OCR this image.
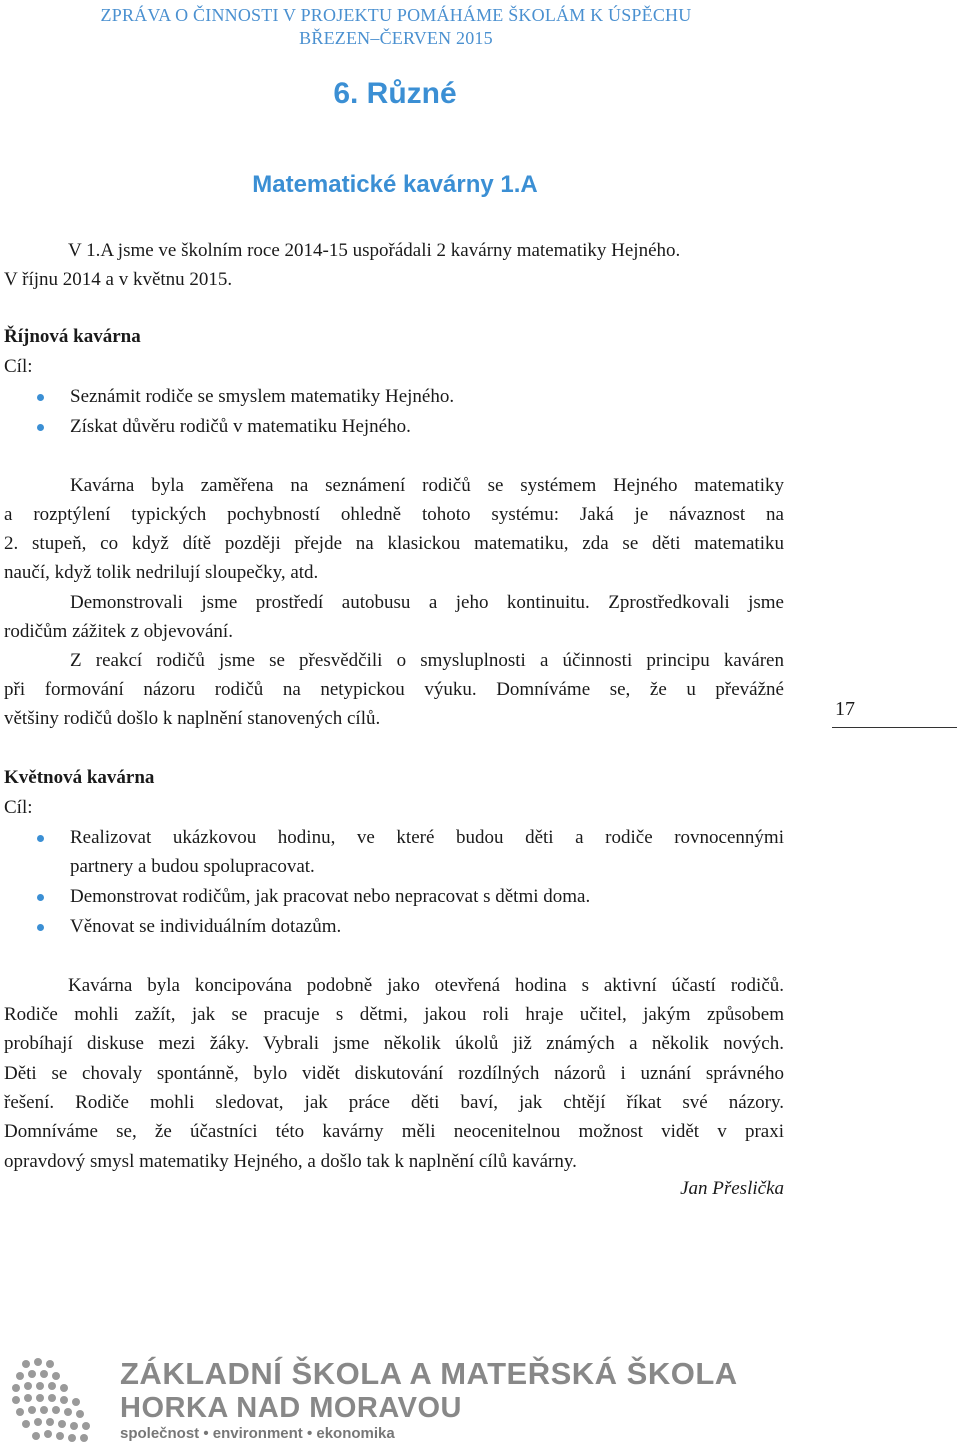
ZPRÁVA O ČINNOSTI V PROJEKTU POMÁHÁME ŠKOLÁM K ÚSPĚCHU
BŘEZEN–ČERVEN 2015
6. Různé
Matematické kavárny 1.A
V 1.A jsme ve školním roce 2014-15 uspořádali 2 kavárny matematiky Hejného.
V říjnu 2014 a v květnu 2015.
Říjnová kavárna
Cíl:
Seznámit rodiče se smyslem matematiky Hejného.
Získat důvěru rodičů v matematiku Hejného.
Kavárna byla zaměřena na seznámení rodičů se systémem Hejného matematiky
a rozptýlení typických pochybností ohledně tohoto systému: Jaká je návaznost na
2. stupeň, co když dítě později přejde na klasickou matematiku, zda se děti matematiku
naučí, když tolik nedrilují sloupečky, atd.
Demonstrovali jsme prostředí autobusu a jeho kontinuitu. Zprostředkovali jsme
rodičům zážitek z objevování.
Z reakcí rodičů jsme se přesvědčili o smysluplnosti a účinnosti principu kaváren
při formování názoru rodičů na netypickou výuku. Domníváme se, že u převážné
většiny rodičů došlo k naplnění stanovených cílů.	17
Květnová kavárna
Cíl:
Realizovat ukázkovou hodinu, ve které budou děti a rodiče rovnocennými
partnery a budou spolupracovat.
Demonstrovat rodičům, jak pracovat nebo nepracovat s dětmi doma.
Věnovat se individuálním dotazům.
Kavárna byla koncipována podobně jako otevřená hodina s aktivní účastí rodičů.
Rodiče mohli zažít, jak se pracuje s dětmi, jakou roli hraje učitel, jakým způsobem
probíhají diskuse mezi žáky. Vybrali jsme několik úkolů již známých a několik nových.
Děti se chovaly spontánně, bylo vidět diskutování rozdílných názorů i uznání správného
řešení. Rodiče mohli sledovat, jak práce děti baví, jak chtějí říkat své názory.
Domníváme se, že účastníci této kavárny měli neocenitelnou možnost vidět v praxi
opravdový smysl matematiky Hejného, a došlo tak k naplnění cílů kavárny.
Jan Přeslička
ZÁKLADNÍ ŠKOLA A MATEŘSKÁ ŠKOLA
HORKA NAD MORAVOU
společnost • environment • ekonomika
